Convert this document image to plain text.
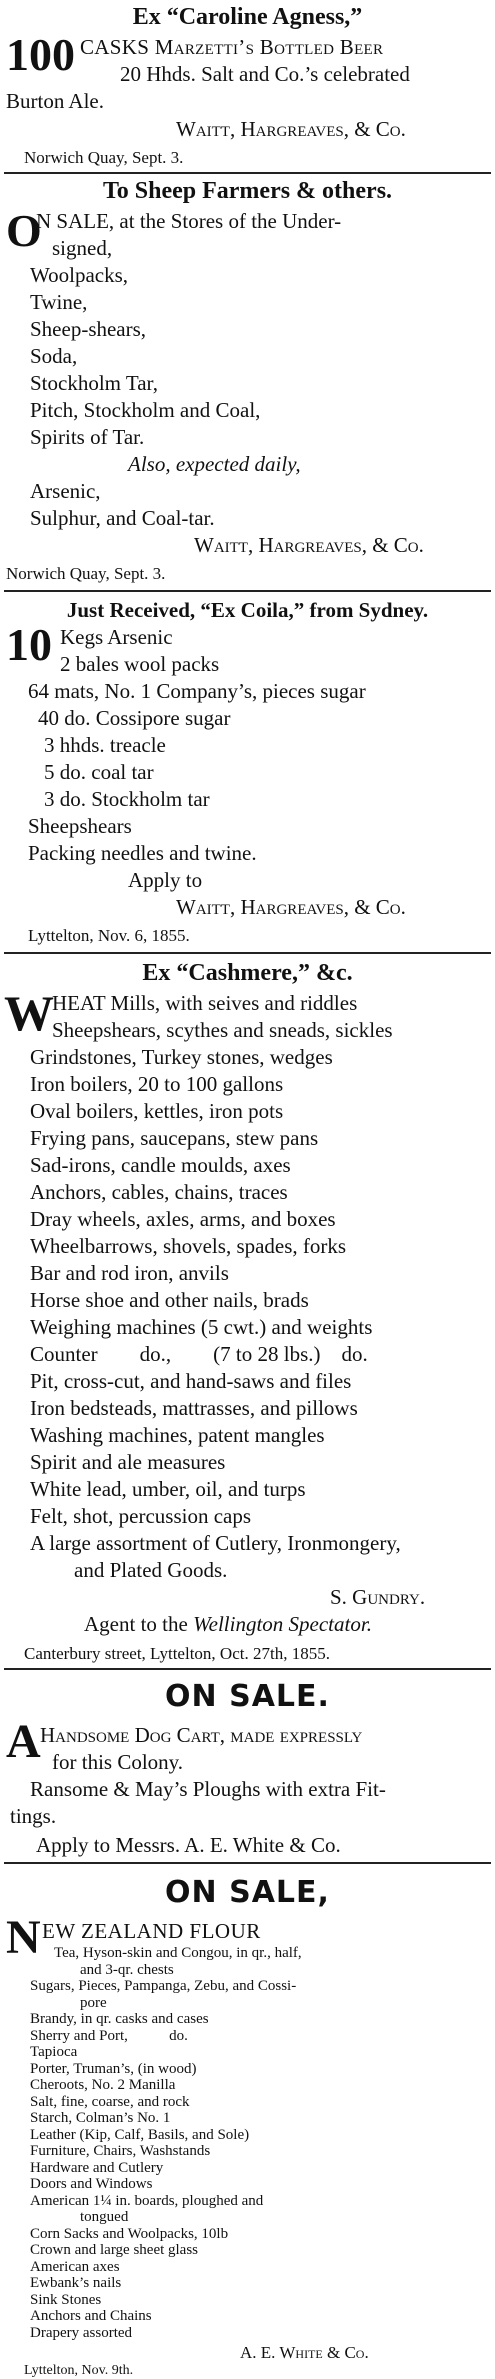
Ex “Caroline Agness,”
100 CASKS Marzetti’s Bottled Beer
20 Hhds. Salt and Co.’s celebrated
Burton Ale.
Waitt, Hargreaves, & Co.
Norwich Quay, Sept. 3.
To Sheep Farmers & others.
O
N SALE, at the Stores of the Under-
signed,
Woolpacks,
Twine,
Sheep-shears,
Soda,
Stockholm Tar,
Pitch, Stockholm and Coal,
Spirits of Tar.
Also, expected daily,
Arsenic,
Sulphur, and Coal-tar.
Waitt, Hargreaves, & Co.
Norwich Quay, Sept. 3.
Just Received, “Ex Coila,” from Sydney.
10 Kegs Arsenic
2 bales wool packs
64 mats, No. 1 Company’s, pieces sugar
40 do. Cossipore sugar
3 hhds. treacle
5 do. coal tar
3 do. Stockholm tar
Sheepshears
Packing needles and twine.
Apply to
Waitt, Hargreaves, & Co.
Lyttelton, Nov. 6, 1855.
Ex “Cashmere,” &c.
W
HEAT Mills, with seives and riddles
Sheepshears, scythes and sneads, sickles
Grindstones, Turkey stones, wedges
Iron boilers, 20 to 100 gallons
Oval boilers, kettles, iron pots
Frying pans, saucepans, stew pans
Sad-irons, candle moulds, axes
Anchors, cables, chains, traces
Dray wheels, axles, arms, and boxes
Wheelbarrows, shovels, spades, forks
Bar and rod iron, anvils
Horse shoe and other nails, brads
Weighing machines (5 cwt.) and weights
Counter        do.,        (7 to 28 lbs.)    do.
Pit, cross-cut, and hand-saws and files
Iron bedsteads, mattrasses, and pillows
Washing machines, patent mangles
Spirit and ale measures
White lead, umber, oil, and turps
Felt, shot, percussion caps
A large assortment of Cutlery, Ironmongery,
and Plated Goods.
S. Gundry.
Agent to the Wellington Spectator.
Canterbury street, Lyttelton, Oct. 27th, 1855.
ON SALE.
A Handsome Dog Cart, made expressly
for this Colony.
Ransome & May’s Ploughs with extra Fit-
tings.
Apply to Messrs. A. E. White & Co.
ON SALE,
N EW ZEALAND FLOUR
Tea, Hyson-skin and Congou, in qr., half,
and 3-qr. chests
Sugars, Pieces, Pampanga, Zebu, and Cossi-
pore
Brandy, in qr. casks and cases
Sherry and Port,           do.
Tapioca
Porter, Truman’s, (in wood)
Cheroots, No. 2 Manilla
Salt, fine, coarse, and rock
Starch, Colman’s No. 1
Leather (Kip, Calf, Basils, and Sole)
Furniture, Chairs, Washstands
Hardware and Cutlery
Doors and Windows
American 1¼ in. boards, ploughed and
tongued
Corn Sacks and Woolpacks, 10lb
Crown and large sheet glass
American axes
Ewbank’s nails
Sink Stones
Anchors and Chains
Drapery assorted
A. E. White & Co.
Lyttelton, Nov. 9th.
